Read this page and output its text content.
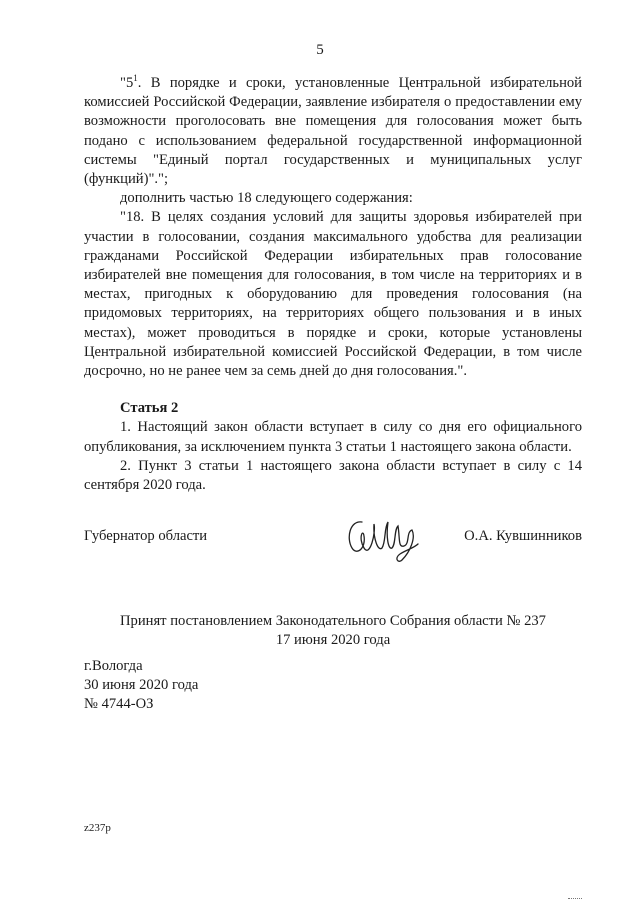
5

"$5^1$. В порядке и сроки, установленные Центральной избирательной комиссией Российской Федерации, заявление избирателя о предоставлении ему возможности проголосовать вне помещения для голосования может быть подано с использованием федеральной государственной информационной системы "Единый портал государственных и муниципальных услуг (функций)".";

дополнить частью 18 следующего содержания:

"18. В целях создания условий для защиты здоровья избирателей при участии в голосовании, создания максимального удобства для реализации гражданами Российской Федерации избирательных прав голосование избирателей вне помещения для голосования, в том числе на территориях и в местах, пригодных к оборудованию для проведения голосования (на придомовых территориях, на территориях общего пользования и в иных местах), может проводиться в порядке и сроки, которые установлены Центральной избирательной комиссией Российской Федерации, в том числе досрочно, но не ранее чем за семь дней до дня голосования.".

Статья 2

1. Настоящий закон области вступает в силу со дня его официального опубликования, за исключением пункта 3 статьи 1 настоящего закона области.

2. Пункт 3 статьи 1 настоящего закона области вступает в силу с 14 сентября 2020 года.

Губернатор области	О.А. Кувшинников
Принят постановлением Законодательного Собрания области № 237
17 июня 2020 года
г.Вологда
30 июня 2020 года
№ 4744-ОЗ
z237p
